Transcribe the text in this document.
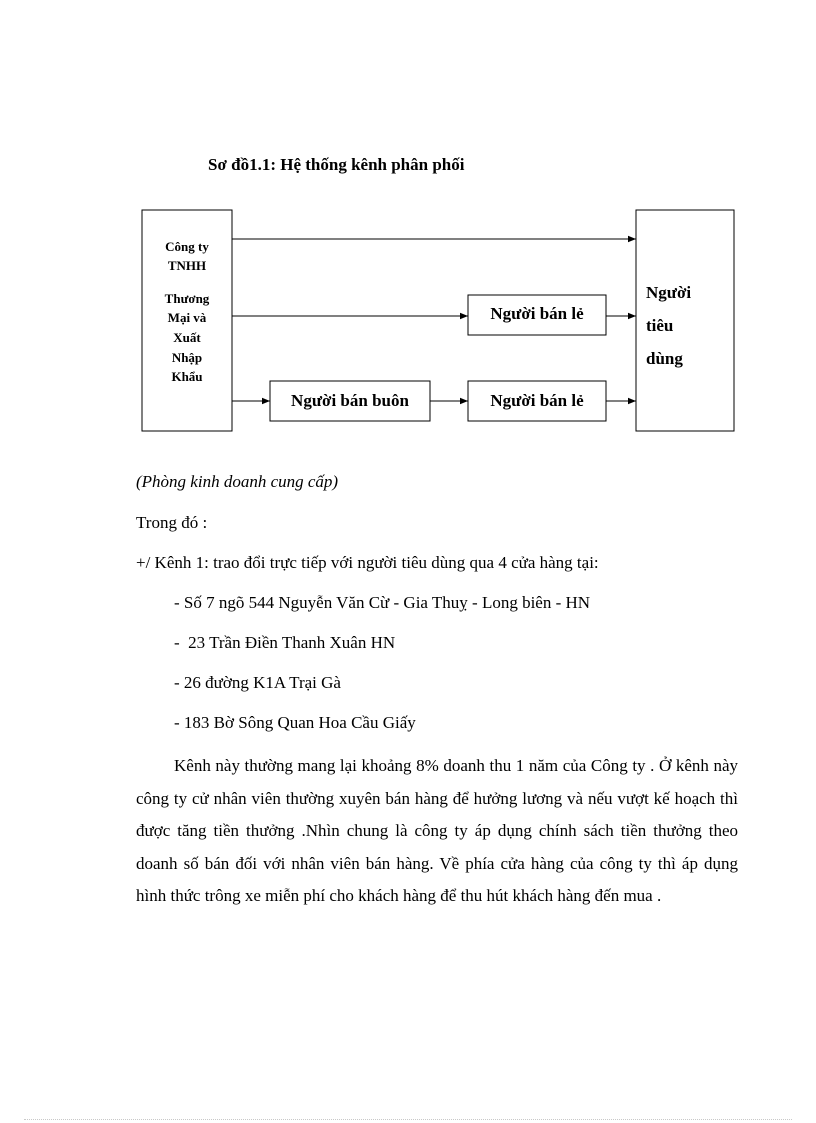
Sơ đồ1.1: Hệ thống kênh phân phối
Công ty
TNHH
Thương
Mại và
Xuất
Nhập
Khẩu
Người
tiêu
dùng
Người bán lẻ
Người bán buôn	Người bán lẻ

(Phòng kinh doanh cung cấp)

Trong đó :

+/ Kênh 1: trao đổi trực tiếp với người tiêu dùng qua 4 cửa hàng tại:

- Số 7 ngõ 544 Nguyễn Văn Cừ - Gia Thuỵ - Long biên - HN

-  23 Trần Điền Thanh Xuân HN

- 26 đường K1A Trại Gà

- 183 Bờ Sông Quan Hoa Cầu Giấy

Kênh này thường mang lại khoảng 8% doanh thu 1 năm của Công ty . Ở kênh này công ty cử nhân viên thường xuyên bán hàng để hưởng lương và nếu vượt kế hoạch thì được tăng tiền thưởng .Nhìn chung là công ty áp dụng chính sách tiền thưởng theo doanh số bán đối với nhân viên bán hàng. Về phía cửa hàng của công ty thì áp dụng hình thức trông xe miễn phí cho khách hàng để thu hút khách hàng đến mua .
